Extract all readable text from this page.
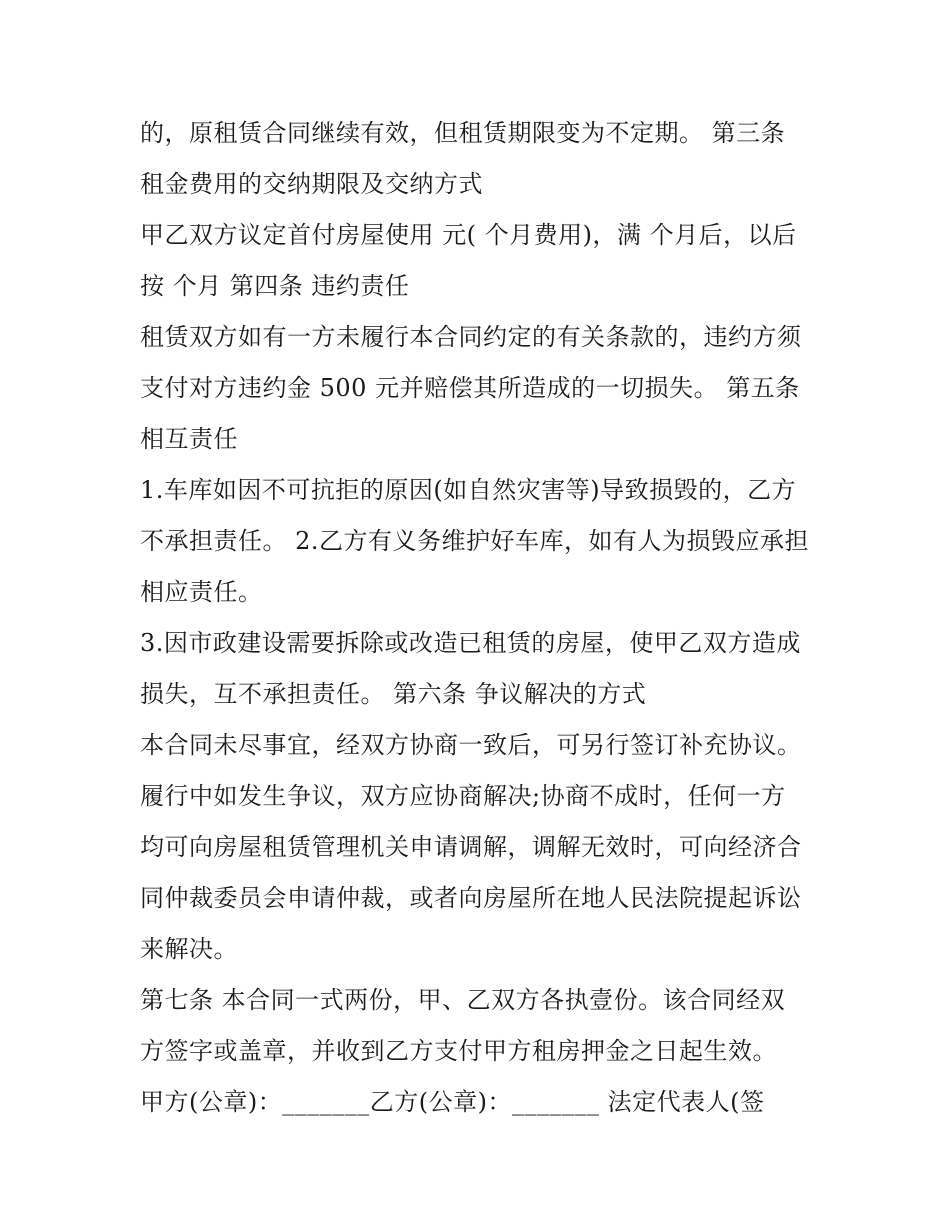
的，原租赁合同继续有效，但租赁期限变为不定期。 第三条
租金费用的交纳期限及交纳方式
甲乙双方议定首付房屋使用 元( 个月费用)，满 个月后，以后
按 个月 第四条 违约责任
租赁双方如有一方未履行本合同约定的有关条款的，违约方须
支付对方违约金 500 元并赔偿其所造成的一切损失。 第五条
相互责任
1.车库如因不可抗拒的原因(如自然灾害等)导致损毁的，乙方
不承担责任。 2.乙方有义务维护好车库，如有人为损毁应承担
相应责任。
3.因市政建设需要拆除或改造已租赁的房屋，使甲乙双方造成
损失，互不承担责任。 第六条 争议解决的方式
本合同未尽事宜，经双方协商一致后，可另行签订补充协议。
履行中如发生争议，双方应协商解决;协商不成时，任何一方
均可向房屋租赁管理机关申请调解，调解无效时，可向经济合
同仲裁委员会申请仲裁，或者向房屋所在地人民法院提起诉讼
来解决。
第七条 本合同一式两份，甲、乙双方各执壹份。该合同经双
方签字或盖章，并收到乙方支付甲方租房押金之日起生效。
甲方(公章)：_______乙方(公章)：_______ 法定代表人(签
